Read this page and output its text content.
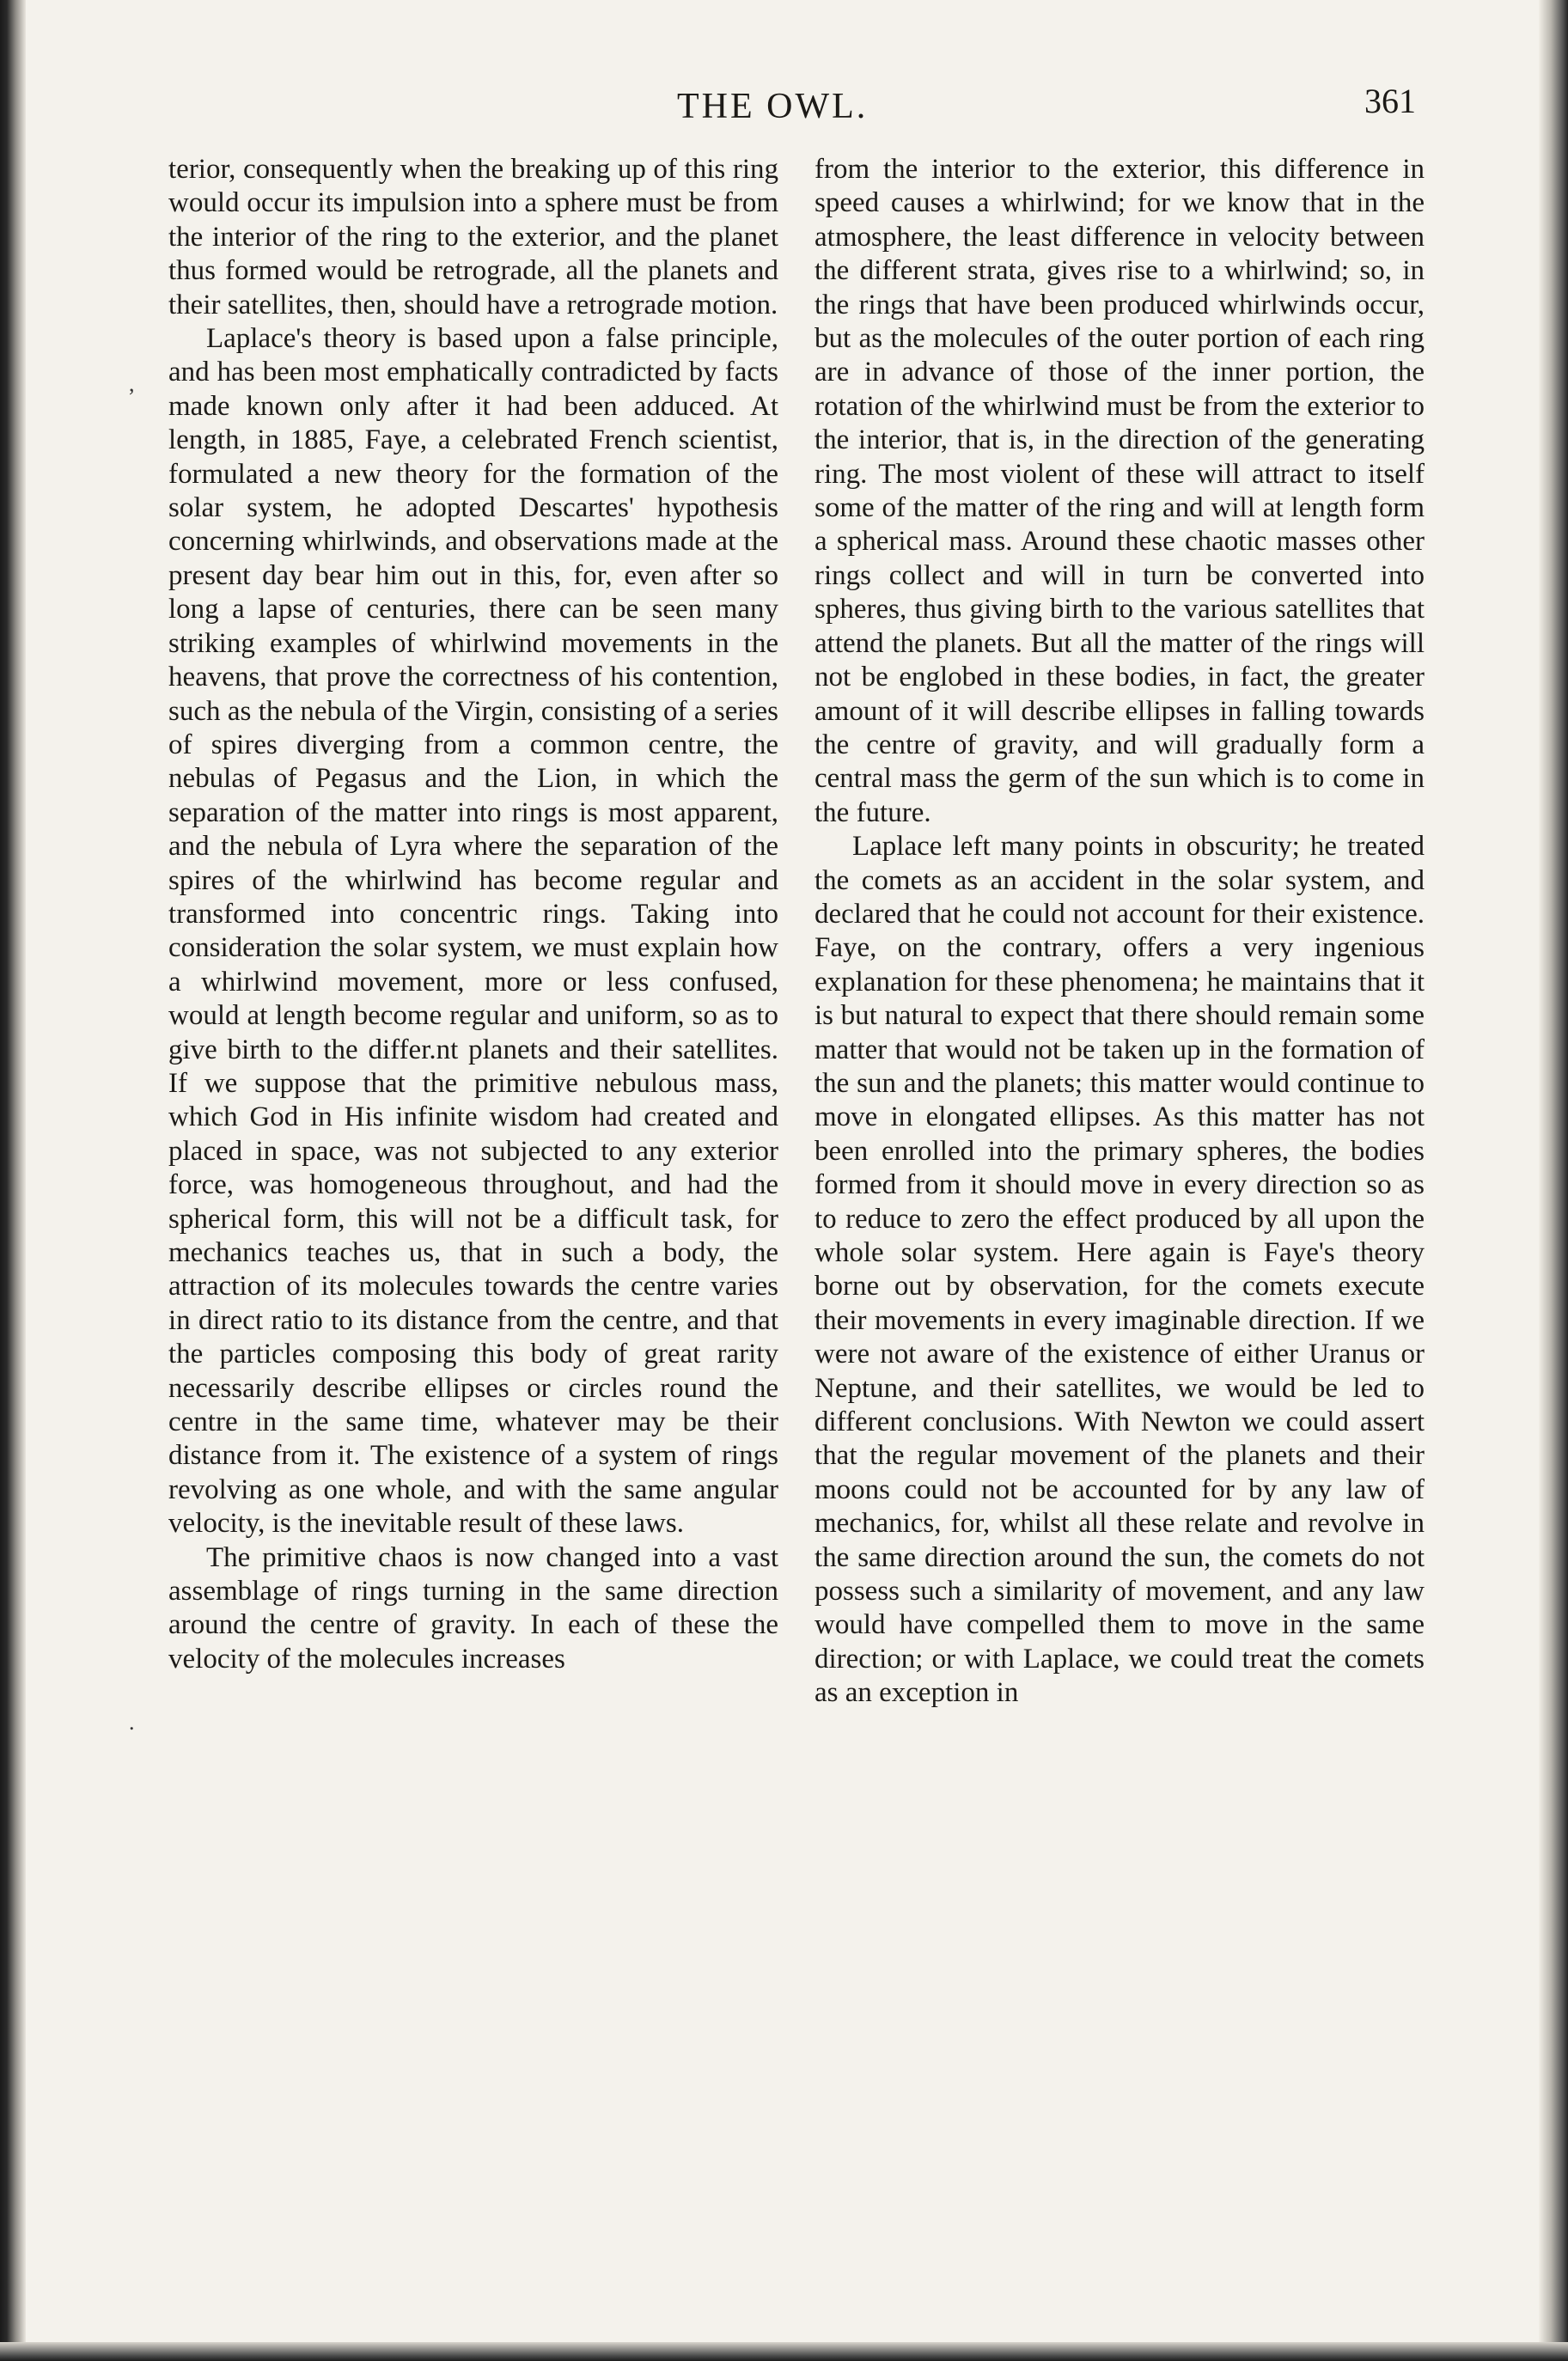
THE OWL.	361
,
.

terior, consequently when the breaking up of this ring would occur its impulsion into a sphere must be from the interior of the ring to the exterior, and the planet thus formed would be retrograde, all the planets and their satellites, then, should have a retrograde motion.

Laplace's theory is based upon a false principle, and has been most emphatically contradicted by facts made known only after it had been adduced. At length, in 1885, Faye, a celebrated French scientist, formulated a new theory for the formation of the solar system, he adopted Descartes' hypothesis concerning whirlwinds, and observations made at the present day bear him out in this, for, even after so long a lapse of centuries, there can be seen many striking examples of whirlwind movements in the heavens, that prove the correctness of his contention, such as the nebula of the Virgin, consisting of a series of spires diverging from a common centre, the nebulas of Pegasus and the Lion, in which the separation of the matter into rings is most apparent, and the nebula of Lyra where the separation of the spires of the whirlwind has become regular and transformed into concentric rings. Taking into consideration the solar system, we must explain how a whirlwind movement, more or less confused, would at length become regular and uniform, so as to give birth to the differ.nt planets and their satellites. If we suppose that the primitive nebulous mass, which God in His infinite wisdom had created and placed in space, was not subjected to any exterior force, was homogeneous throughout, and had the spherical form, this will not be a difficult task, for mechanics teaches us, that in such a body, the attraction of its molecules towards the centre varies in direct ratio to its distance from the centre, and that the particles composing this body of great rarity necessarily describe ellipses or circles round the centre in the same time, whatever may be their distance from it. The existence of a system of rings revolving as one whole, and with the same angular velocity, is the inevitable result of these laws.

The primitive chaos is now changed into a vast assemblage of rings turning in the same direction around the centre of gravity. In each of these the velocity of the molecules increases

from the interior to the exterior, this difference in speed causes a whirlwind; for we know that in the atmosphere, the least difference in velocity between the different strata, gives rise to a whirlwind; so, in the rings that have been produced whirlwinds occur, but as the molecules of the outer portion of each ring are in advance of those of the inner portion, the rotation of the whirlwind must be from the exterior to the interior, that is, in the direction of the generating ring. The most violent of these will attract to itself some of the matter of the ring and will at length form a spherical mass. Around these chaotic masses other rings collect and will in turn be converted into spheres, thus giving birth to the various satellites that attend the planets. But all the matter of the rings will not be englobed in these bodies, in fact, the greater amount of it will describe ellipses in falling towards the centre of gravity, and will gradually form a central mass the germ of the sun which is to come in the future.

Laplace left many points in obscurity; he treated the comets as an accident in the solar system, and declared that he could not account for their existence. Faye, on the contrary, offers a very ingenious explanation for these phenomena; he maintains that it is but natural to expect that there should remain some matter that would not be taken up in the formation of the sun and the planets; this matter would continue to move in elongated ellipses. As this matter has not been enrolled into the primary spheres, the bodies formed from it should move in every direction so as to reduce to zero the effect produced by all upon the whole solar system. Here again is Faye's theory borne out by observation, for the comets execute their movements in every imaginable direction. If we were not aware of the existence of either Uranus or Neptune, and their satellites, we would be led to different conclusions. With Newton we could assert that the regular movement of the planets and their moons could not be accounted for by any law of mechanics, for, whilst all these relate and revolve in the same direction around the sun, the comets do not possess such a similarity of movement, and any law would have compelled them to move in the same direction; or with Laplace, we could treat the comets as an exception in
